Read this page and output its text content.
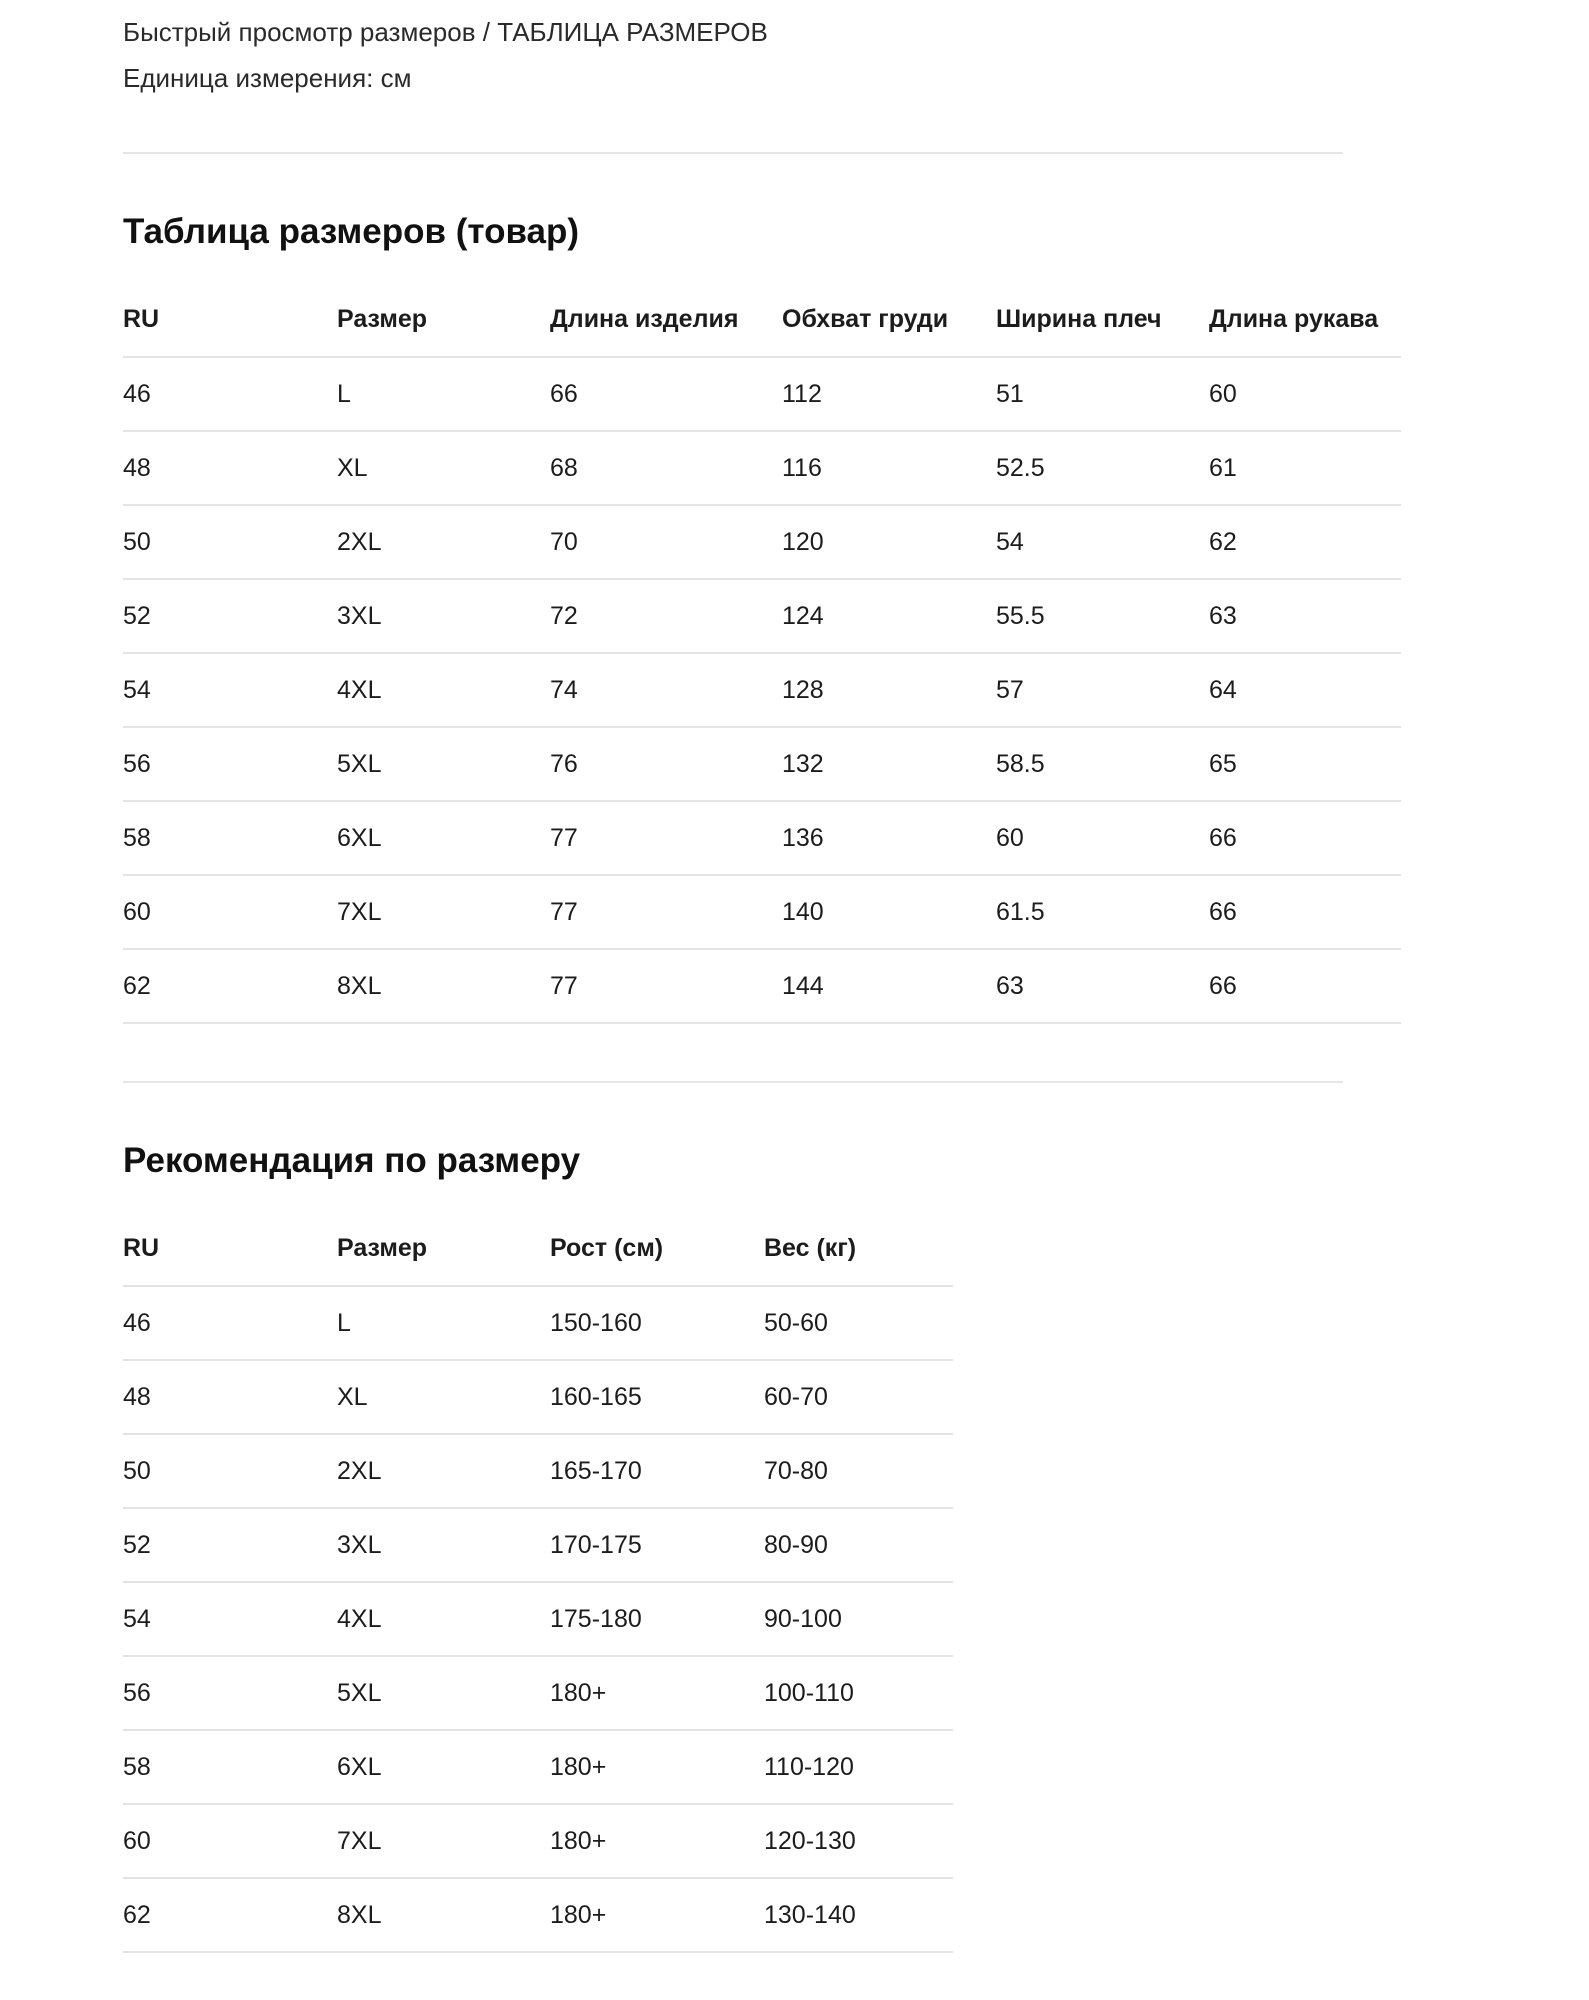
Быстрый просмотр размеров / ТАБЛИЦА РАЗМЕРОВ
Единица измерения: см
Таблица размеров (товар)
RU	Размер	Длина изделия	Обхват груди	Ширина плеч	Длина рукава
46	L	66	112	51	60
48	XL	68	116	52.5	61
50	2XL	70	120	54	62
52	3XL	72	124	55.5	63
54	4XL	74	128	57	64
56	5XL	76	132	58.5	65
58	6XL	77	136	60	66
60	7XL	77	140	61.5	66
62	8XL	77	144	63	66
Рекомендация по размеру
RU	Размер	Рост (см)	Вес (кг)
46	L	150-160	50-60
48	XL	160-165	60-70
50	2XL	165-170	70-80
52	3XL	170-175	80-90
54	4XL	175-180	90-100
56	5XL	180+	100-110
58	6XL	180+	110-120
60	7XL	180+	120-130
62	8XL	180+	130-140
